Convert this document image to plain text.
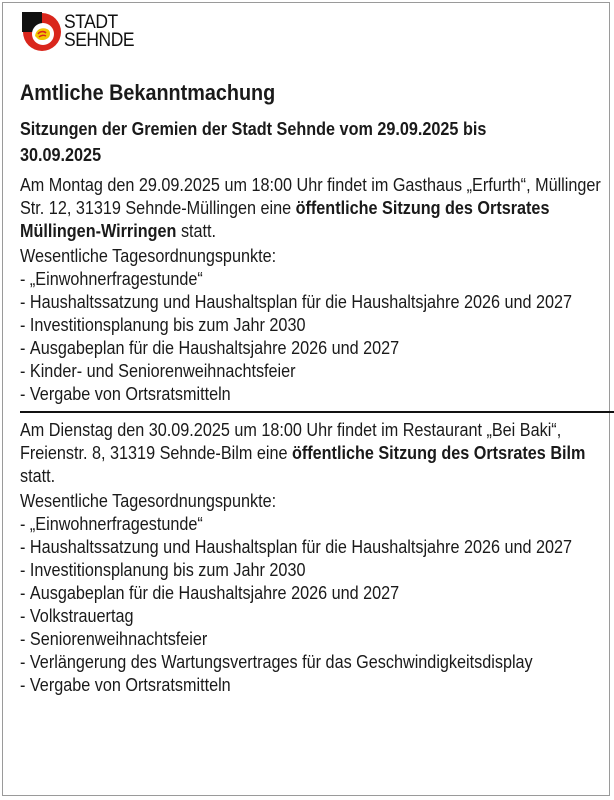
STADT
SEHNDE

Amtliche Bekanntmachung

Sitzungen der Gremien der Stadt Sehnde vom 29.09.2025 bis 30.09.2025

Am Montag den 29.09.2025 um 18:00 Uhr findet im Gasthaus „Erfurth“, Müllinger Str. 12, 31319 Sehnde-Müllingen eine öffentliche Sitzung des Ortsrates Müllingen-Wirringen statt.

Wesentliche Tagesordnungspunkte:

- „Einwohnerfragestunde“
- Haushaltssatzung und Haushaltsplan für die Haushaltsjahre 2026 und 2027
- Investitionsplanung bis zum Jahr 2030
- Ausgabeplan für die Haushaltsjahre 2026 und 2027
- Kinder- und Seniorenweihnachtsfeier
- Vergabe von Ortsratsmitteln

Am Dienstag den 30.09.2025 um 18:00 Uhr findet im Restaurant „Bei Baki“, Freienstr. 8, 31319 Sehnde-Bilm eine öffentliche Sitzung des Ortsrates Bilm statt.

Wesentliche Tagesordnungspunkte:

- „Einwohnerfragestunde“
- Haushaltssatzung und Haushaltsplan für die Haushaltsjahre 2026 und 2027
- Investitionsplanung bis zum Jahr 2030
- Ausgabeplan für die Haushaltsjahre 2026 und 2027
- Volkstrauertag
- Seniorenweihnachtsfeier
- Verlängerung des Wartungsvertrages für das Geschwindigkeitsdisplay
- Vergabe von Ortsratsmitteln
